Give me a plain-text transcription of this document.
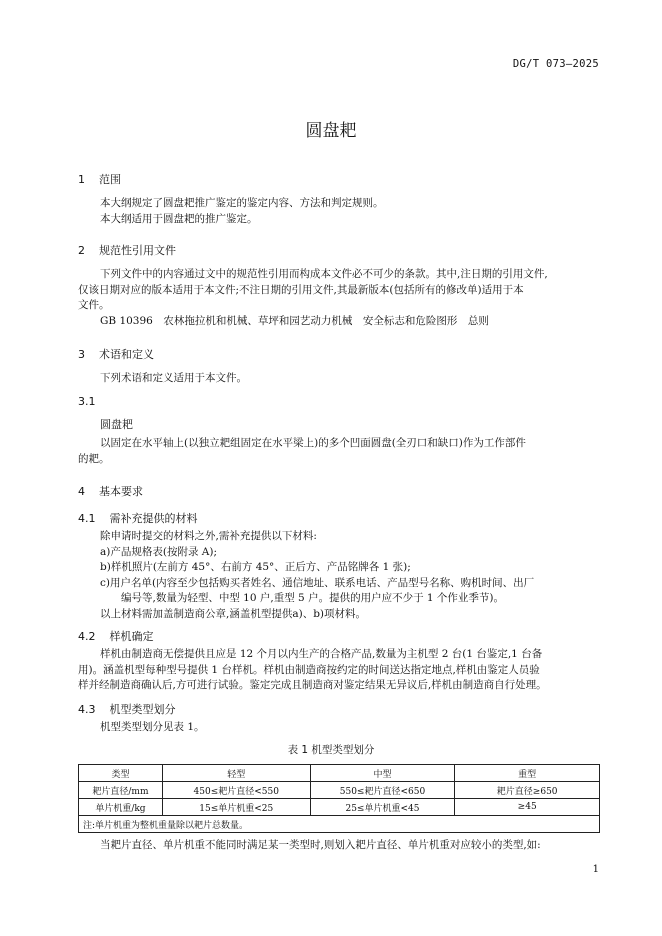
DG/T 073—2025
圆盘耙
1 范围
本大纲规定了圆盘耙推广鉴定的鉴定内容、方法和判定规则。
本大纲适用于圆盘耙的推广鉴定。
2 规范性引用文件
下列文件中的内容通过文中的规范性引用而构成本文件必不可少的条款。其中,注日期的引用文件,
仅该日期对应的版本适用于本文件;不注日期的引用文件,其最新版本(包括所有的修改单)适用于本
文件。
GB 10396　农林拖拉机和机械、草坪和园艺动力机械　安全标志和危险图形　总则
3 术语和定义
下列术语和定义适用于本文件。
3.1
圆盘耙
以固定在水平轴上(以独立耙组固定在水平梁上)的多个凹面圆盘(全刃口和缺口)作为工作部件
的耙。
4 基本要求
4.1 需补充提供的材料
除申请时提交的材料之外,需补充提供以下材料:
a)产品规格表(按附录 A);
b)样机照片(左前方 45°、右前方 45°、正后方、产品铭牌各 1 张);
c)用户名单(内容至少包括购买者姓名、通信地址、联系电话、产品型号名称、购机时间、出厂
编号等,数量为轻型、中型 10 户,重型 5 户。提供的用户应不少于 1 个作业季节)。
以上材料需加盖制造商公章,涵盖机型提供a)、b)项材料。
4.2 样机确定
样机由制造商无偿提供且应是 12 个月以内生产的合格产品,数量为主机型 2 台(1 台鉴定,1 台备
用)。涵盖机型每种型号提供 1 台样机。样机由制造商按约定的时间送达指定地点,样机由鉴定人员验
样并经制造商确认后,方可进行试验。鉴定完成且制造商对鉴定结果无异议后,样机由制造商自行处理。
4.3 机型类型划分
机型类型划分见表 1。
表 1 机型类型划分
类型	轻型	中型	重型
耙片直径/mm	450≤耙片直径<550	550≤耙片直径<650	耙片直径≥650
单片机重/kg	15≤单片机重<25	25≤单片机重<45	≥45
注:单片机重为整机重量除以耙片总数量。			
当耙片直径、单片机重不能同时满足某一类型时,则划入耙片直径、单片机重对应较小的类型,如:
1
